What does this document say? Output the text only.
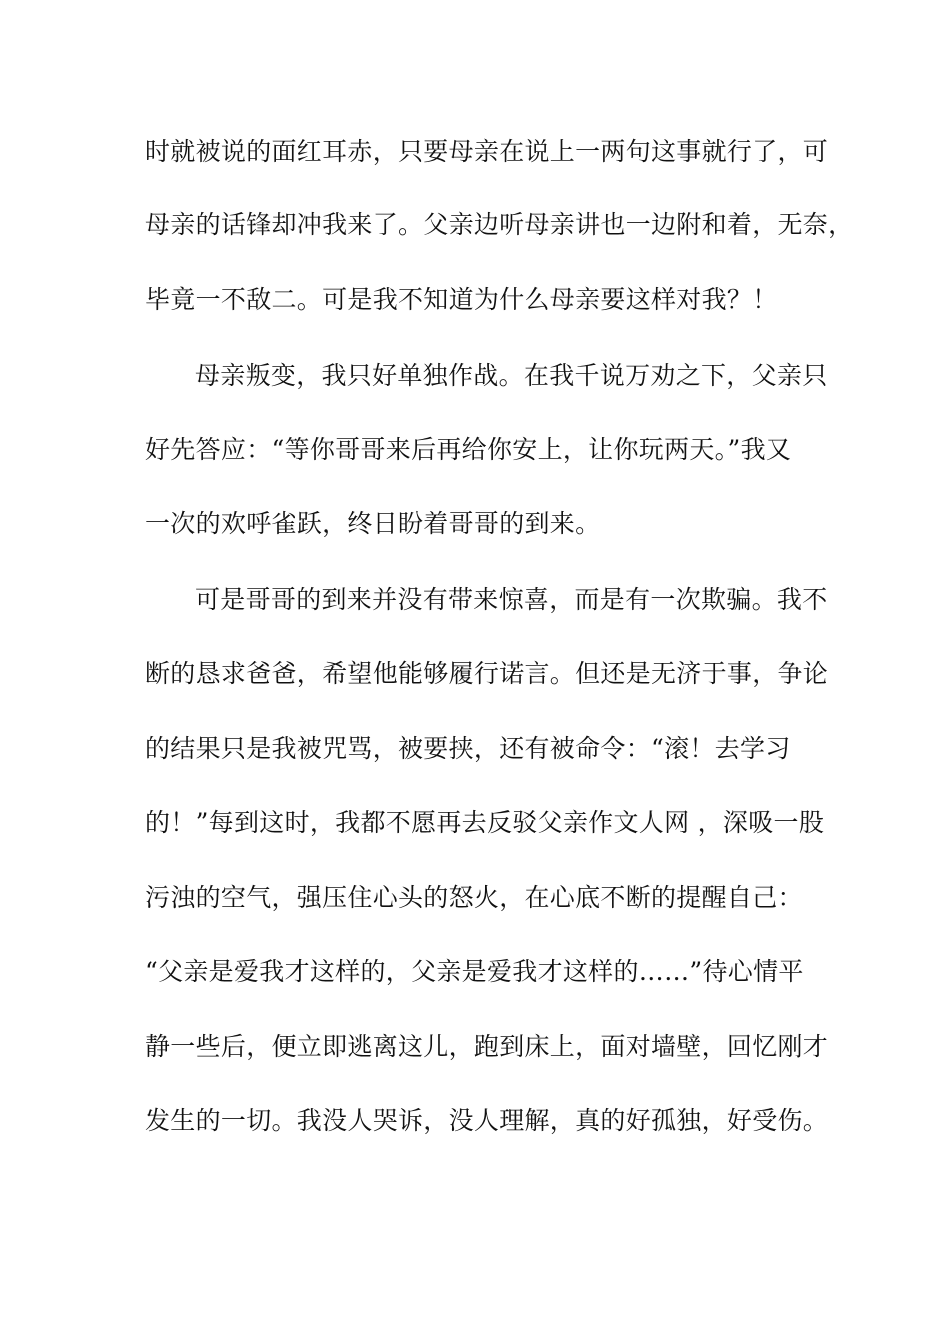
时就被说的面红耳赤，只要母亲在说上一两句这事就行了，可
母亲的话锋却冲我来了。父亲边听母亲讲也一边附和着，无奈，
毕竟一不敌二。可是我不知道为什么母亲要这样对我？！
母亲叛变，我只好单独作战。在我千说万劝之下，父亲只
好先答应：“等你哥哥来后再给你安上，让你玩两天。”我又
一次的欢呼雀跃，终日盼着哥哥的到来。
可是哥哥的到来并没有带来惊喜，而是有一次欺骗。我不
断的恳求爸爸，希望他能够履行诺言。但还是无济于事，争论
的结果只是我被咒骂，被要挟，还有被命令：“滚！去学习
的！”每到这时，我都不愿再去反驳父亲作文人网 ，深吸一股
污浊的空气，强压住心头的怒火，在心底不断的提醒自己：
“父亲是爱我才这样的，父亲是爱我才这样的……”待心情平
静一些后，便立即逃离这儿，跑到床上，面对墙壁，回忆刚才
发生的一切。我没人哭诉，没人理解，真的好孤独，好受伤。
